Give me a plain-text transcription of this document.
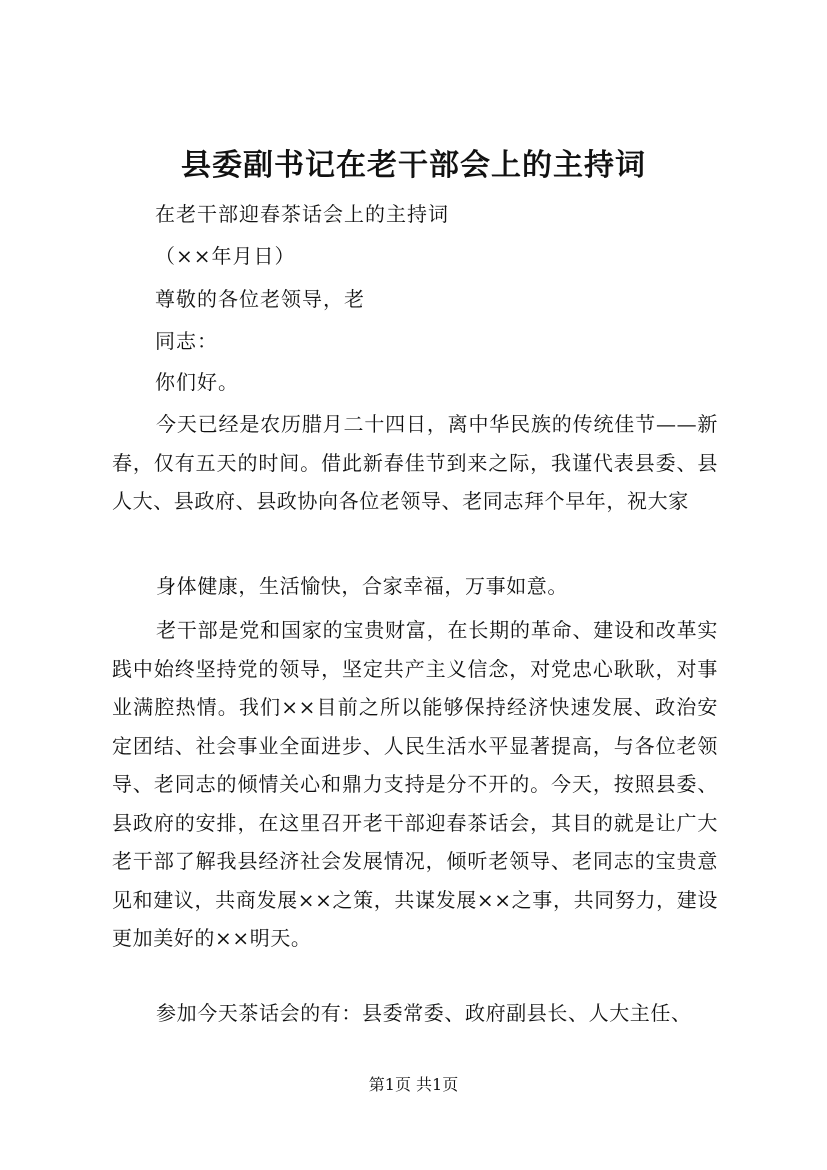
县委副书记在老干部会上的主持词
在老干部迎春茶话会上的主持词
（××年月日）
尊敬的各位老领导，老
同志：
你们好。
今天已经是农历腊月二十四日，离中华民族的传统佳节——新春，仅有五天的时间。借此新春佳节到来之际，我谨代表县委、县人大、县政府、县政协向各位老领导、老同志拜个早年，祝大家
身体健康，生活愉快，合家幸福，万事如意。
老干部是党和国家的宝贵财富，在长期的革命、建设和改革实践中始终坚持党的领导，坚定共产主义信念，对党忠心耿耿，对事业满腔热情。我们××目前之所以能够保持经济快速发展、政治安定团结、社会事业全面进步、人民生活水平显著提高，与各位老领导、老同志的倾情关心和鼎力支持是分不开的。今天，按照县委、县政府的安排，在这里召开老干部迎春茶话会，其目的就是让广大老干部了解我县经济社会发展情况，倾听老领导、老同志的宝贵意见和建议，共商发展××之策，共谋发展××之事，共同努力，建设更加美好的××明天。
参加今天茶话会的有：县委常委、政府副县长、人大主任、
第1页 共1页
